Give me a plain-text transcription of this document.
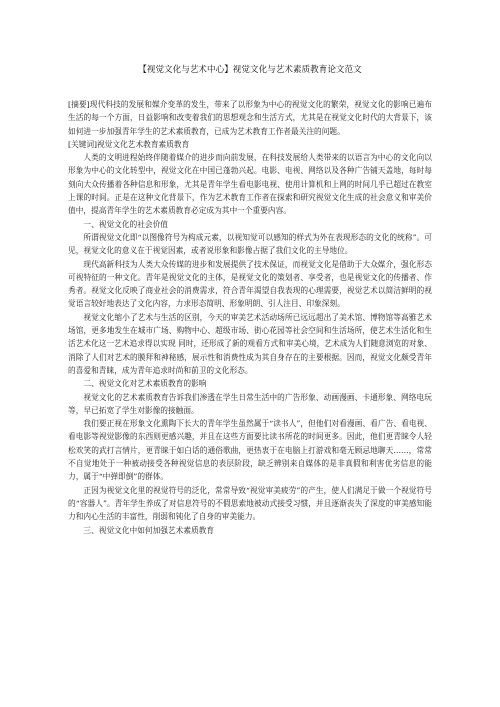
【视觉文化与艺术中心】视觉文化与艺术素质教育论文范文

[摘要]现代科技的发展和媒介变革的发生，带来了以形象为中心的视觉文化的繁荣，视觉文化的影响已遍布生活的每一个方面，日益影响和改变着我们的思想观念和生活方式，尤其是在视觉文化时代的大背景下，该如何进一步加强青年学生的艺术素质教育，已成为艺术教育工作者最关注的问题。

[关键词]视觉文化艺术教育素质教育

人类的文明进程始终伴随着媒介的进步而向前发展，在科技发展给人类带来的以语言为中心的文化向以形象为中心的文化转型中，视觉文化在中国已蓬勃兴起。电影、电视、网络以及各种广告铺天盖地，每时每刻向大众传播着各种信息和形象，尤其是青年学生看电影电视、使用计算机和上网的时间几乎已超过在教室上课的时间。正是在这种文化背景下，作为艺术教育工作者在探索和研究视觉文化生成的社会意义和审美价值中，提高青年学生的艺术素质教育必定成为其中一个重要内容。

一、视觉文化的社会价值

所谓视觉文化即“以图像符号为构成元素，以视知觉可以感知的样式为外在表现形态的文化的统称”。可见，视觉文化的意义在于视觉因素，或者说形象和影像占据了我们文化的主导地位。

现代高新科技为人类大众传媒的进步和发展提供了技术保证，而视觉文化是借助于大众媒介，强化形态可视特征的一种文化。青年是视觉文化的主体，是视觉文化的策划者、享受者，也是视觉文化的传播者、作秀者。视觉文化反映了商业社会的消费需求，符合青年渴望自我表现的心理需要，视觉艺术以简洁鲜明的视觉语言较好地表达了文化内容，力求形态简明、形象明朗、引人注目、印象深刻。

视觉文化缩小了艺术与生活的区别，今天的审美艺术活动场所已远远超出了美术馆、博物馆等高雅艺术场馆，更多地发生在城市广场、购物中心、超级市场、街心花园等社会空间和生活场所，使艺术生活化和生活艺术化这一艺术追求得以实现 同时，还形成了新的观看方式和审美心境，艺术成为人们随意浏览的对象、消除了人们对艺术的膜拜和神秘感，展示性和消费性成为其自身存在的主要根据。因而，视觉文化颇受青年的喜爱和青睐，成为青年追求时尚和前卫的文化形态。

二、视觉文化对艺术素质教育的影响

视觉文化的艺术素质教育告诉我们渗透在学生日常生活中的广告形象、动画漫画、卡通形象、网络电玩等，早已拓宽了学生对影像的接触面。

我们要正视在形象文化熏陶下长大的青年学生虽然属于“读书人”，但他们对看漫画、看广告、看电视、看电影等视觉影像的东西则更感兴趣，并且在这些方面要比读书所花的时间更多。因此，他们更青睐令人轻松欢笑的武打言情片，更青睐于如白话的通俗歌曲，更热衷于在电脑上打游戏和毫无顾忌地聊天……，常常不自觉地处于一种被动接受各种视觉信息的表层阶段，缺乏辨别来自媒体的是非真假和利害优劣信息的能力，属于“中弹即倒”的群体。

正因为视觉文化里的视觉符号的泛化，常常导致“视觉审美疲劳”的产生，使人们满足于做一个视觉符号的“容器人”。青年学生养成了对信息符号的不假思索地被动式接受习惯，并且逐渐丧失了深度的审美感知能力和内心生活的丰富性，削弱和钝化了自身的审美能力。

三、视觉文化中如何加强艺术素质教育
